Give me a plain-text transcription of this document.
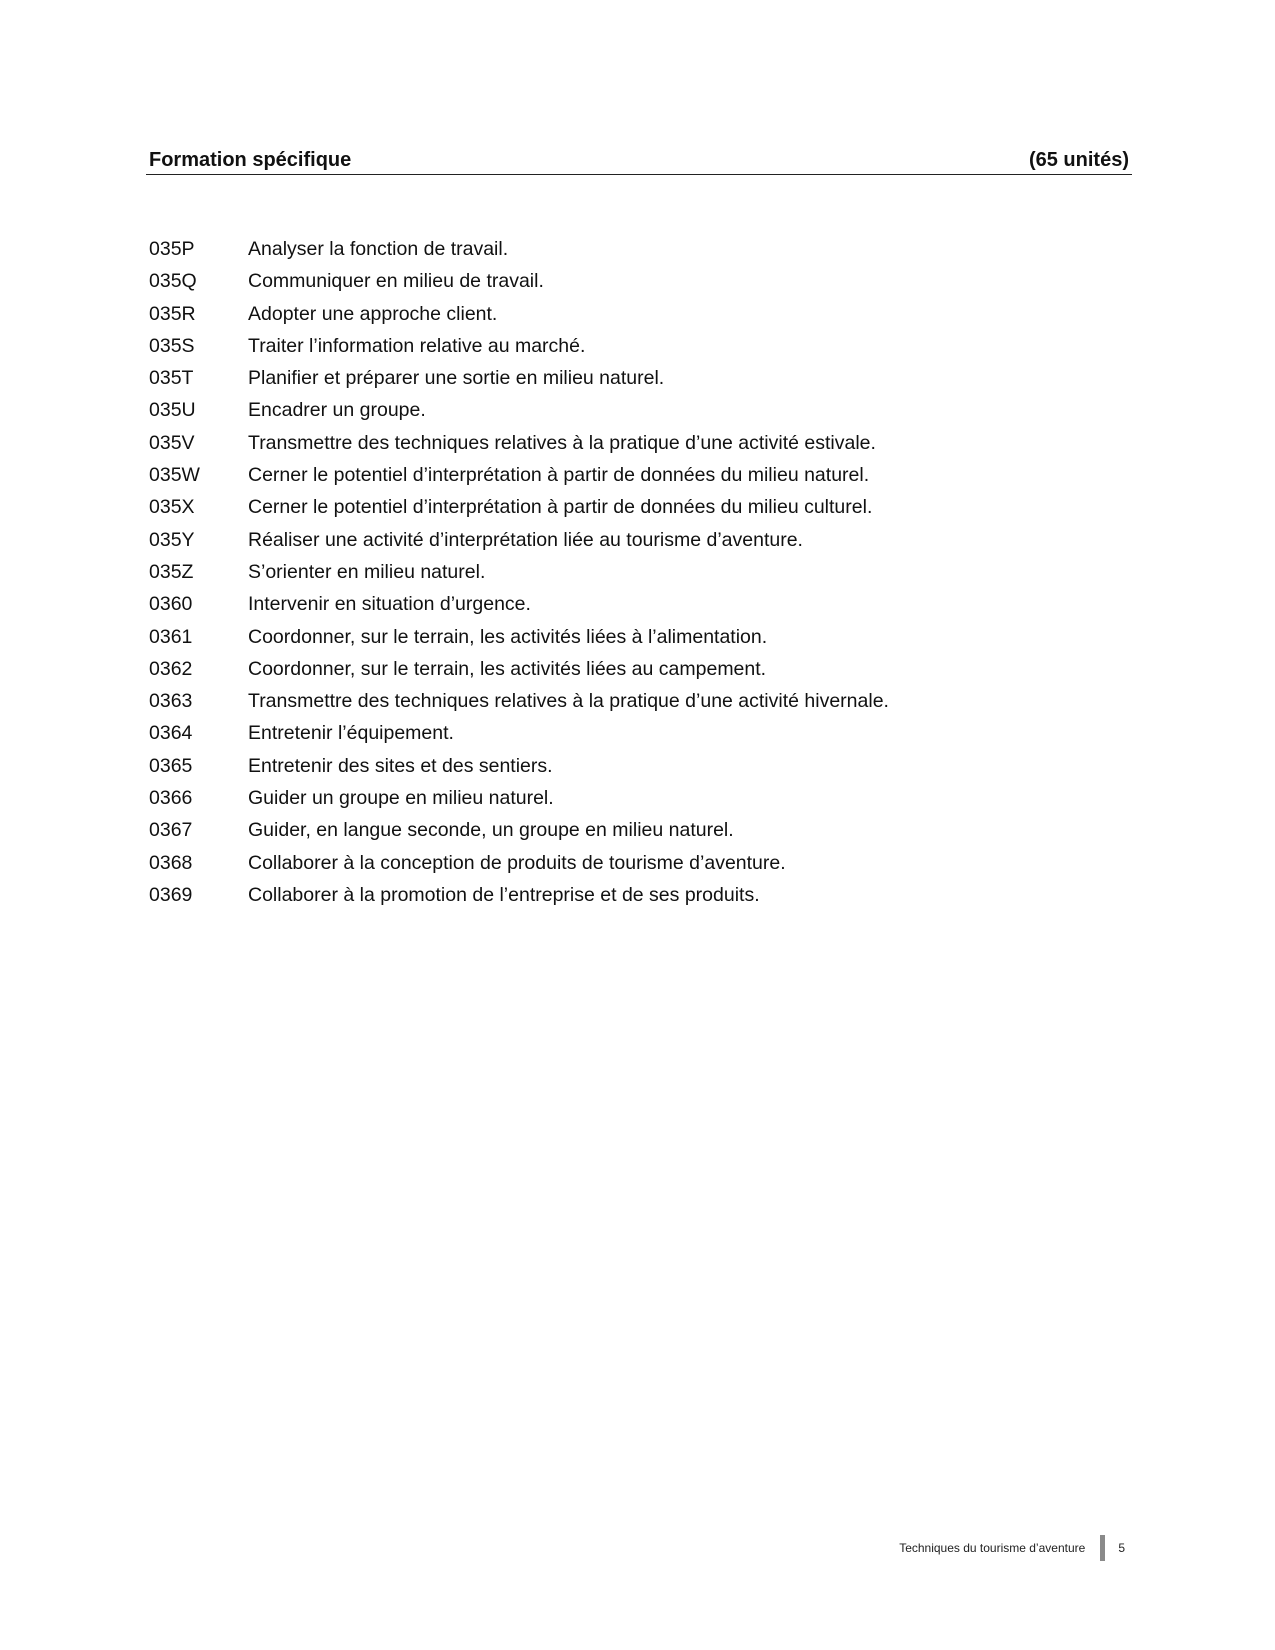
Formation spécifique	(65 unités)
035P	Analyser la fonction de travail.
035Q	Communiquer en milieu de travail.
035R	Adopter une approche client.
035S	Traiter l’information relative au marché.
035T	Planifier et préparer une sortie en milieu naturel.
035U	Encadrer un groupe.
035V	Transmettre des techniques relatives à la pratique d’une activité estivale.
035W	Cerner le potentiel d’interprétation à partir de données du milieu naturel.
035X	Cerner le potentiel d’interprétation à partir de données du milieu culturel.
035Y	Réaliser une activité d’interprétation liée au tourisme d’aventure.
035Z	S’orienter en milieu naturel.
0360	Intervenir en situation d’urgence.
0361	Coordonner, sur le terrain, les activités liées à l’alimentation.
0362	Coordonner, sur le terrain, les activités liées au campement.
0363	Transmettre des techniques relatives à la pratique d’une activité hivernale.
0364	Entretenir l’équipement.
0365	Entretenir des sites et des sentiers.
0366	Guider un groupe en milieu naturel.
0367	Guider, en langue seconde, un groupe en milieu naturel.
0368	Collaborer à la conception de produits de tourisme d’aventure.
0369	Collaborer à la promotion de l’entreprise et de ses produits.
Techniques du tourisme d’aventure	5
